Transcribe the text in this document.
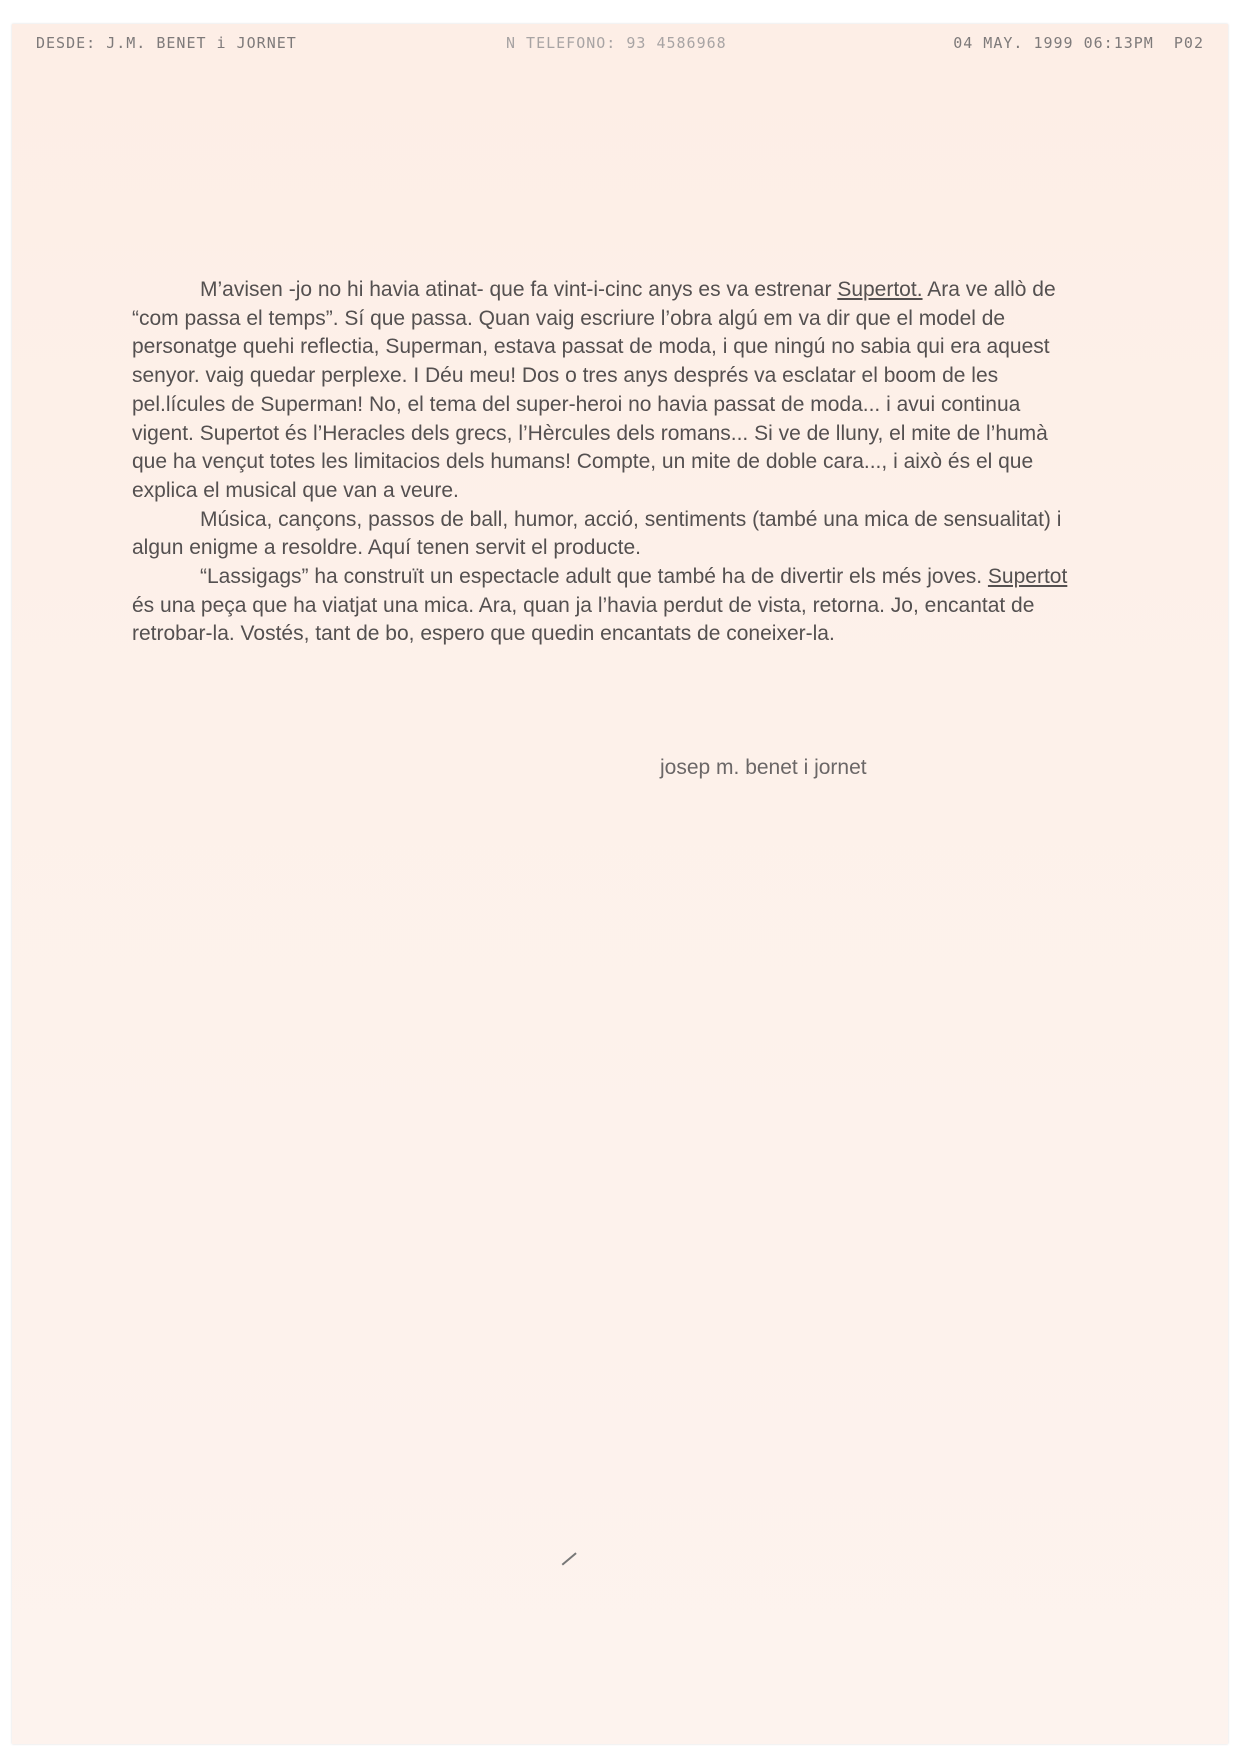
DESDE: J.M. BENET i JORNET	N TELEFONO: 93 4586968	04 MAY. 1999 06:13PM P02

M’avisen -jo no hi havia atinat- que fa vint-i-cinc anys es va estrenar Supertot. Ara ve allò de “com passa el temps”. Sí que passa. Quan vaig escriure l’obra algú em va dir que el model de personatge quehi reflectia, Superman, estava passat de moda, i que ningú no sabia qui era aquest senyor. vaig quedar perplexe. I Déu meu! Dos o tres anys després va esclatar el boom de les pel.lícules de Superman! No, el tema del super-heroi no havia passat de moda... i avui continua vigent. Supertot és l’Heracles dels grecs, l’Hèrcules dels romans... Si ve de lluny, el mite de l’humà que ha vençut totes les limitacios dels humans! Compte, un mite de doble cara..., i això és el que explica el musical que van a veure.

Música, cançons, passos de ball, humor, acció, sentiments (també una mica de sensualitat) i algun enigme a resoldre. Aquí tenen servit el producte.

“Lassigags” ha construït un espectacle adult que també ha de divertir els més joves. Supertot és una peça que ha viatjat una mica. Ara, quan ja l’havia perdut de vista, retorna. Jo, encantat de retrobar-la. Vostés, tant de bo, espero que quedin encantats de coneixer-la.

josep m. benet i jornet
